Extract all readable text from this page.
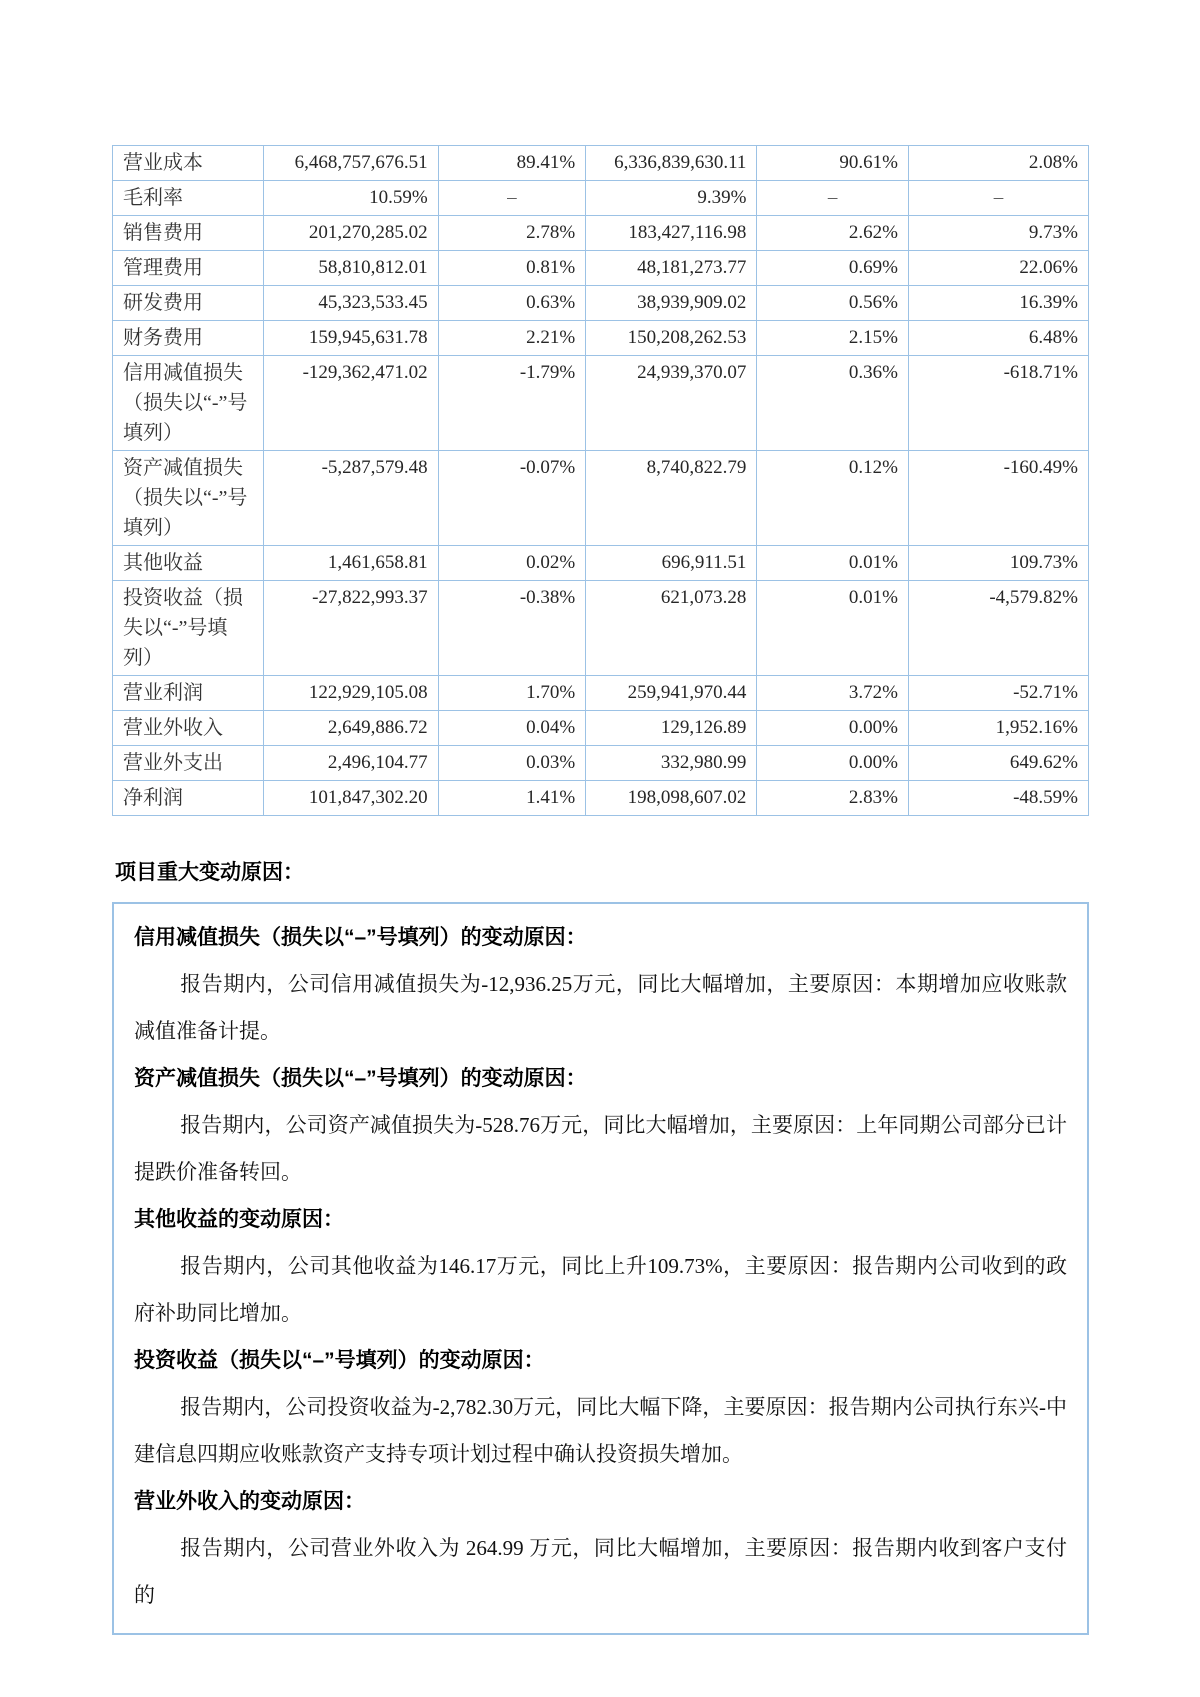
营业成本	6,468,757,676.51	89.41%	6,336,839,630.11	90.61%	2.08%
毛利率	10.59%	–	9.39%	–	–
销售费用	201,270,285.02	2.78%	183,427,116.98	2.62%	9.73%
管理费用	58,810,812.01	0.81%	48,181,273.77	0.69%	22.06%
研发费用	45,323,533.45	0.63%	38,939,909.02	0.56%	16.39%
财务费用	159,945,631.78	2.21%	150,208,262.53	2.15%	6.48%
信用减值损失（损失以“-”号填列）	-129,362,471.02	-1.79%	24,939,370.07	0.36%	-618.71%
资产减值损失（损失以“-”号填列）	-5,287,579.48	-0.07%	8,740,822.79	0.12%	-160.49%
其他收益	1,461,658.81	0.02%	696,911.51	0.01%	109.73%
投资收益（损失以“-”号填列）	-27,822,993.37	-0.38%	621,073.28	0.01%	-4,579.82%
营业利润	122,929,105.08	1.70%	259,941,970.44	3.72%	-52.71%
营业外收入	2,649,886.72	0.04%	129,126.89	0.00%	1,952.16%
营业外支出	2,496,104.77	0.03%	332,980.99	0.00%	649.62%
净利润	101,847,302.20	1.41%	198,098,607.02	2.83%	-48.59%
项目重大变动原因：
信用减值损失（损失以“–”号填列）的变动原因：

报告期内，公司信用减值损失为-12,936.25万元，同比大幅增加，主要原因：本期增加应收账款减值准备计提。

资产减值损失（损失以“–”号填列）的变动原因：

报告期内，公司资产减值损失为-528.76万元，同比大幅增加，主要原因：上年同期公司部分已计提跌价准备转回。

其他收益的变动原因：

报告期内，公司其他收益为146.17万元，同比上升109.73%，主要原因：报告期内公司收到的政府补助同比增加。

投资收益（损失以“–”号填列）的变动原因：

报告期内，公司投资收益为-2,782.30万元，同比大幅下降，主要原因：报告期内公司执行东兴-中建信息四期应收账款资产支持专项计划过程中确认投资损失增加。

营业外收入的变动原因：

报告期内，公司营业外收入为 264.99 万元，同比大幅增加，主要原因：报告期内收到客户支付的
